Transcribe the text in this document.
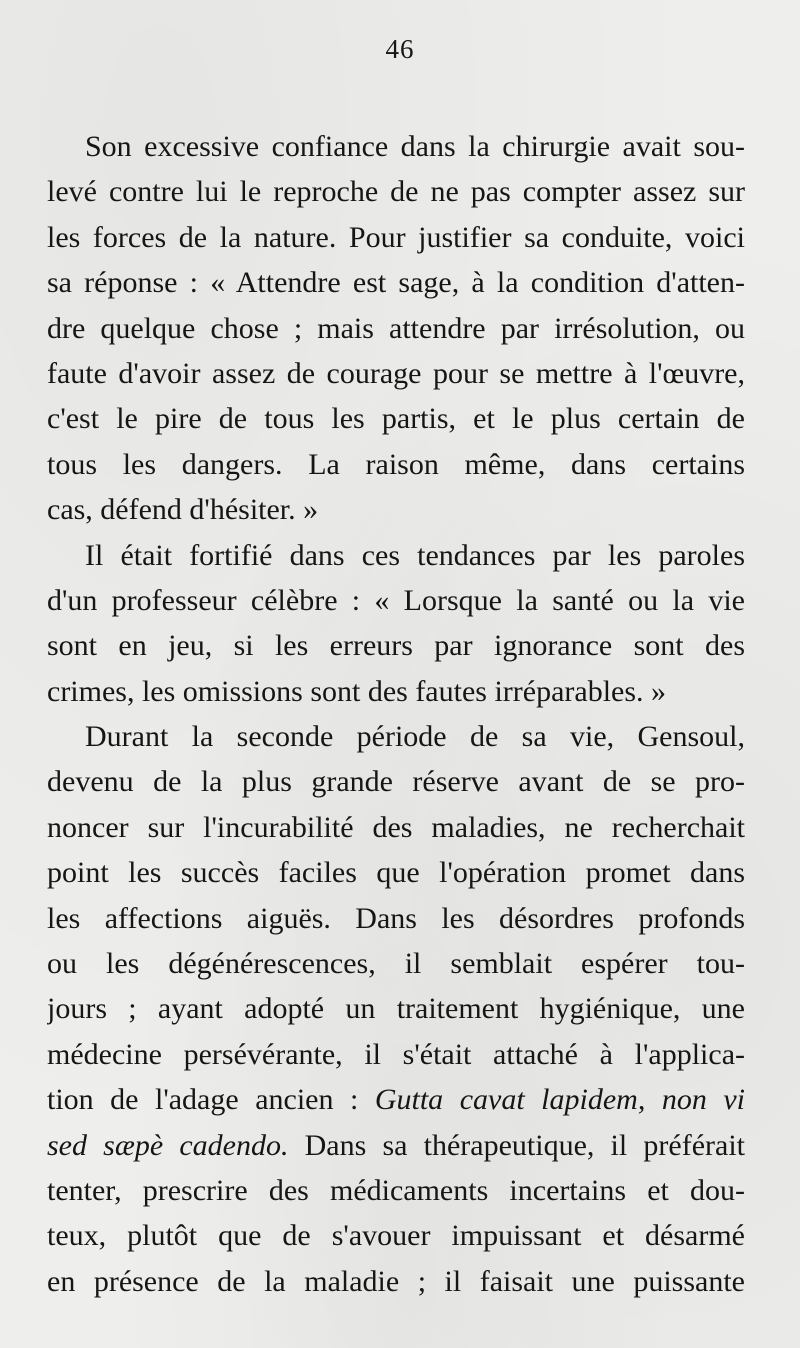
46
Son excessive confiance dans la chirurgie avait sou-
levé contre lui le reproche de ne pas compter assez sur
les forces de la nature. Pour justifier sa conduite, voici
sa réponse : « Attendre est sage, à la condition d'atten-
dre quelque chose ; mais attendre par irrésolution, ou
faute d'avoir assez de courage pour se mettre à l'œuvre,
c'est le pire de tous les partis, et le plus certain de
tous les dangers. La raison même, dans certains
cas, défend d'hésiter. »
Il était fortifié dans ces tendances par les paroles
d'un professeur célèbre : « Lorsque la santé ou la vie
sont en jeu, si les erreurs par ignorance sont des
crimes, les omissions sont des fautes irréparables. »
Durant la seconde période de sa vie, Gensoul,
devenu de la plus grande réserve avant de se pro-
noncer sur l'incurabilité des maladies, ne recherchait
point les succès faciles que l'opération promet dans
les affections aiguës. Dans les désordres profonds
ou les dégénérescences, il semblait espérer tou-
jours ; ayant adopté un traitement hygiénique, une
médecine persévérante, il s'était attaché à l'applica-
tion de l'adage ancien : Gutta cavat lapidem, non vi
sed sæpè cadendo. Dans sa thérapeutique, il préférait
tenter, prescrire des médicaments incertains et dou-
teux, plutôt que de s'avouer impuissant et désarmé
en présence de la maladie ; il faisait une puissante
